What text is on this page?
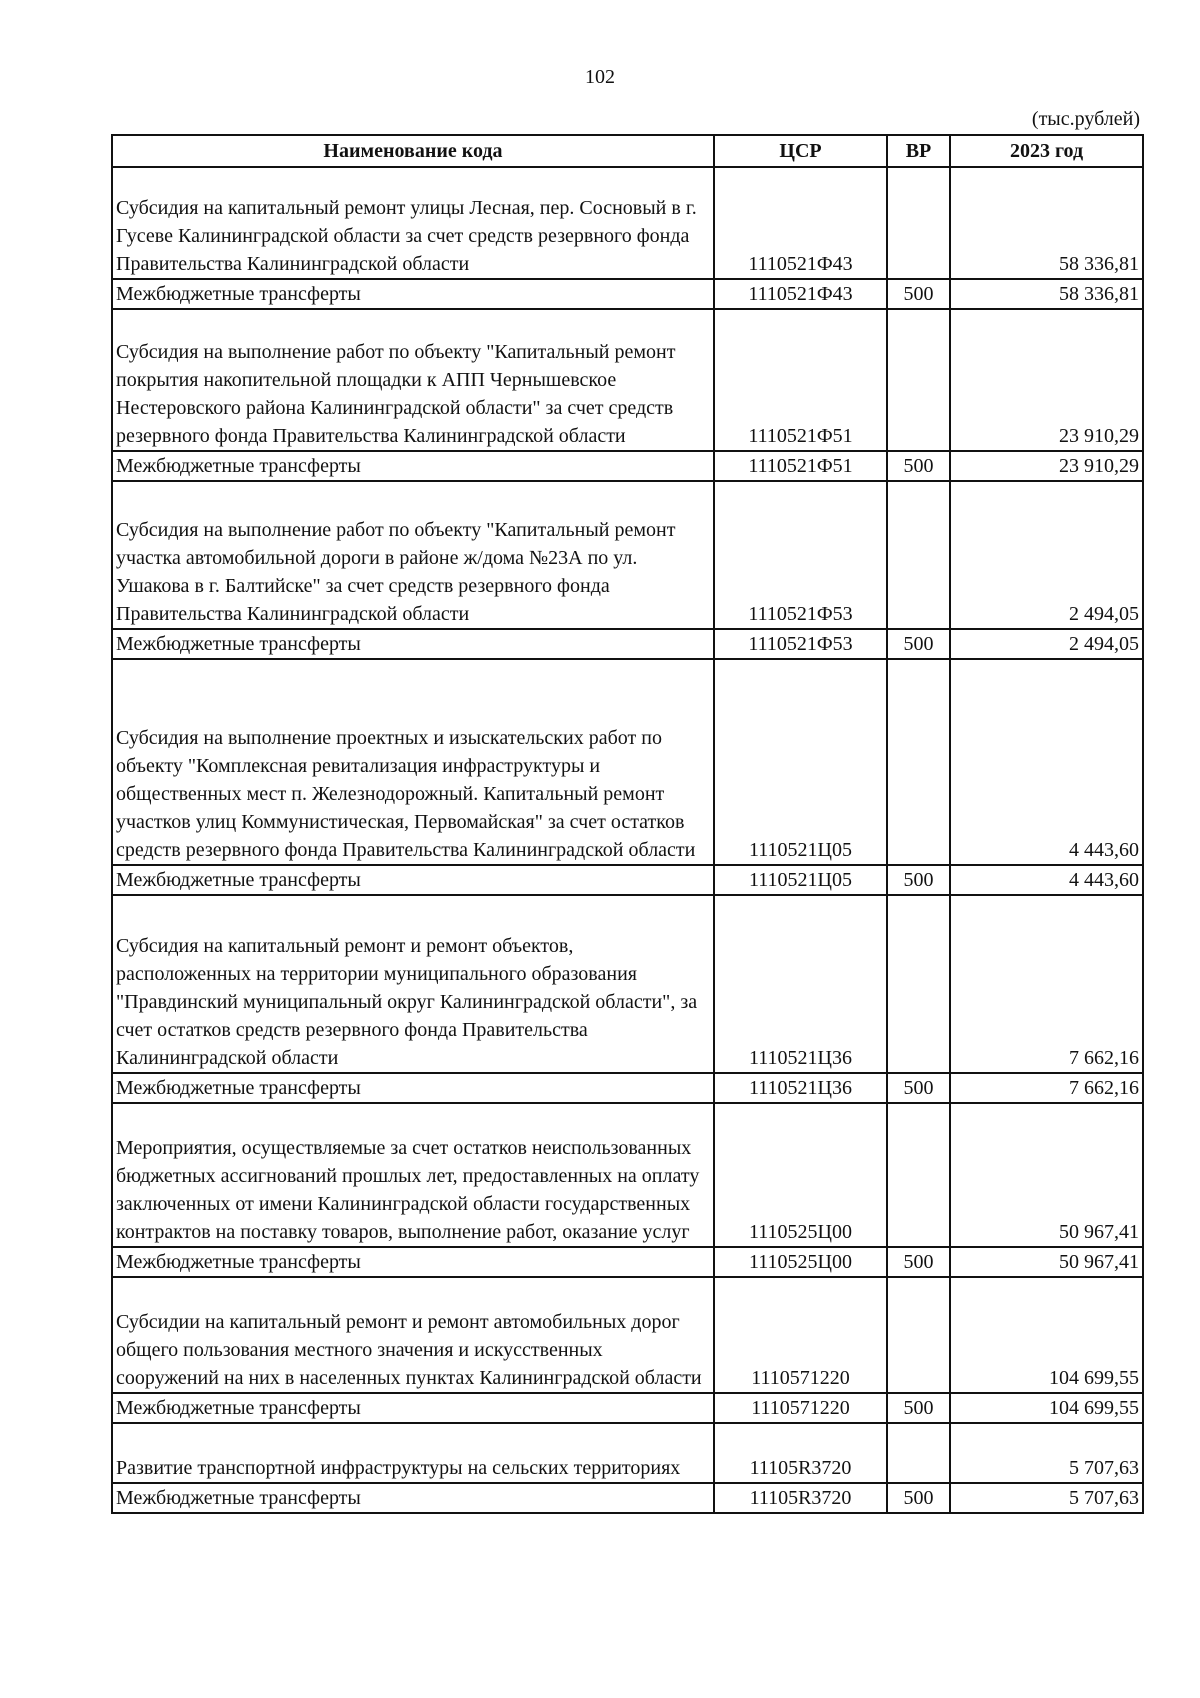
102
(тыс.рублей)
Наименование кода	ЦСР	ВР	2023 год
Субсидия на капитальный ремонт улицы Лесная, пер. Сосновый в г. Гусеве Калининградской области за счет средств резервного фонда Правительства Калининградской области	1110521Ф43		58 336,81
Межбюджетные трансферты	1110521Ф43	500	58 336,81
Субсидия на выполнение работ по объекту "Капитальный ремонт покрытия накопительной площадки к АПП Чернышевское Нестеровского района Калининградской области" за счет средств резервного фонда Правительства Калининградской области	1110521Ф51		23 910,29
Межбюджетные трансферты	1110521Ф51	500	23 910,29
Субсидия на выполнение работ по объекту "Капитальный ремонт участка автомобильной дороги в районе ж/дома №23А по ул. Ушакова в г. Балтийске" за счет средств резервного фонда Правительства Калининградской области	1110521Ф53		2 494,05
Межбюджетные трансферты	1110521Ф53	500	2 494,05
Субсидия на выполнение проектных и изыскательских работ по объекту "Комплексная ревитализация инфраструктуры и общественных мест п. Железнодорожный. Капитальный ремонт участков улиц Коммунистическая, Первомайская" за счет остатков средств резервного фонда Правительства Калининградской области	1110521Ц05		4 443,60
Межбюджетные трансферты	1110521Ц05	500	4 443,60
Субсидия на капитальный ремонт и ремонт объектов, расположенных на территории муниципального образования "Правдинский муниципальный округ Калининградской области", за счет остатков средств резервного фонда Правительства Калининградской области	1110521Ц36		7 662,16
Межбюджетные трансферты	1110521Ц36	500	7 662,16
Мероприятия, осуществляемые за счет остатков неиспользованных бюджетных ассигнований прошлых лет, предоставленных на оплату заключенных от имени Калининградской области государственных контрактов на поставку товаров, выполнение работ, оказание услуг	1110525Ц00		50 967,41
Межбюджетные трансферты	1110525Ц00	500	50 967,41
Субсидии на капитальный ремонт и ремонт автомобильных дорог общего пользования местного значения и искусственных сооружений на них в населенных пунктах Калининградской области	1110571220		104 699,55
Межбюджетные трансферты	1110571220	500	104 699,55
Развитие транспортной инфраструктуры на сельских территориях	11105R3720		5 707,63
Межбюджетные трансферты	11105R3720	500	5 707,63
